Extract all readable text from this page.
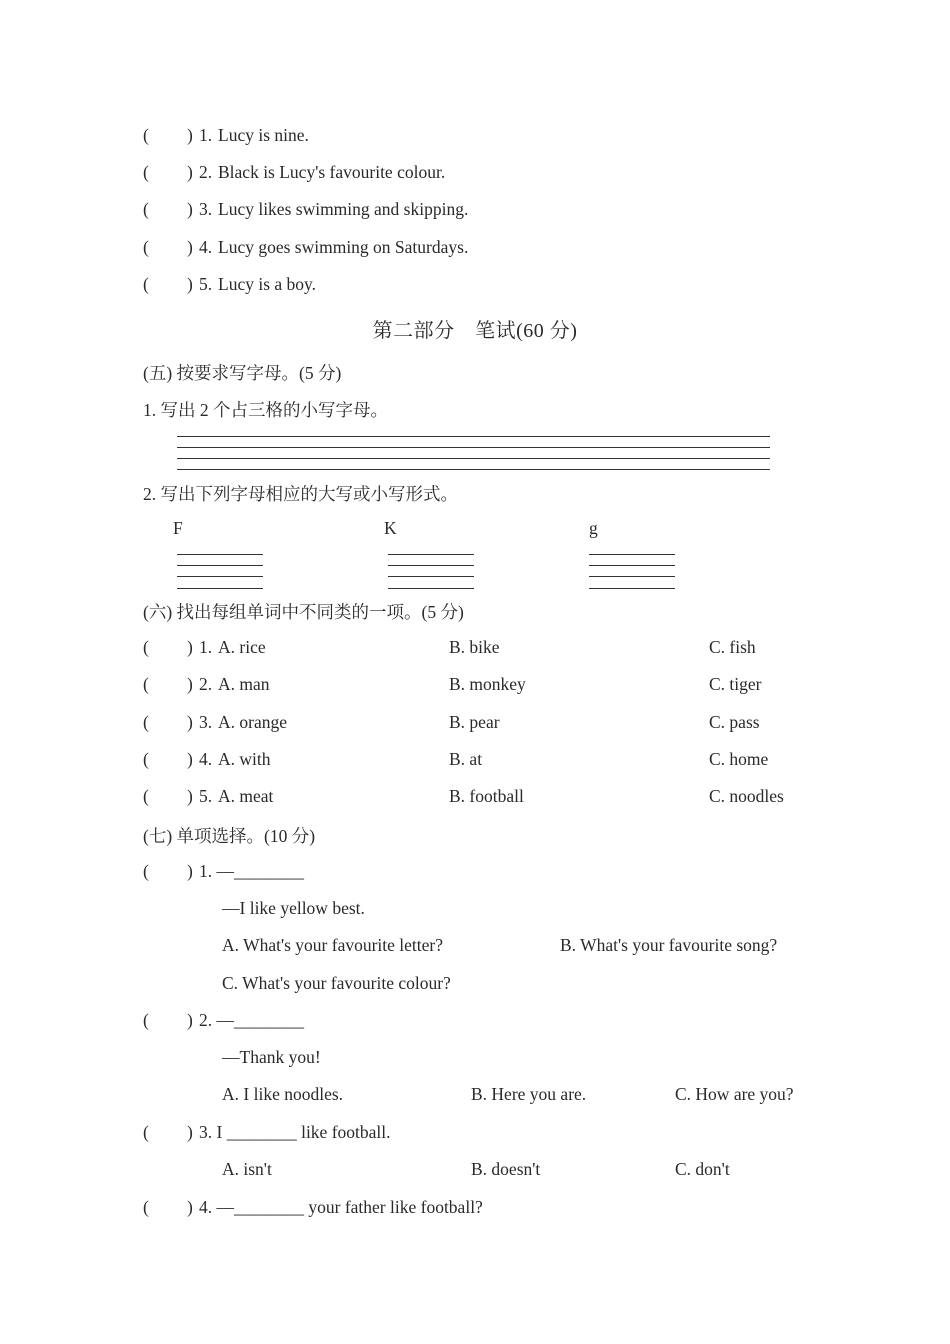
( ) 1. Lucy is nine.
( ) 2. Black is Lucy's favourite colour.
( ) 3. Lucy likes swimming and skipping.
( ) 4. Lucy goes swimming on Saturdays.
( ) 5. Lucy is a boy.
第二部分　笔试(60 分)
(五) 按要求写字母。(5 分)
1. 写出 2 个占三格的小写字母。
2. 写出下列字母相应的大写或小写形式。
F	K	g
(六) 找出每组单词中不同类的一项。(5 分)
( ) 1. A. rice	B. bike	C. fish
( ) 2. A. man	B. monkey	C. tiger
( ) 3. A. orange	B. pear	C. pass
( ) 4. A. with	B. at	C. home
( ) 5. A. meat	B. football	C. noodles
(七) 单项选择。(10 分)
( ) 1. —________
—I like yellow best.
A. What's your favourite letter?	B. What's your favourite song?
C. What's your favourite colour?
( ) 2. —________
—Thank you!
A. I like noodles.	B. Here you are.	C. How are you?
( ) 3. I ________ like football.
A. isn't	B. doesn't	C. don't
( ) 4. —________ your father like football?
